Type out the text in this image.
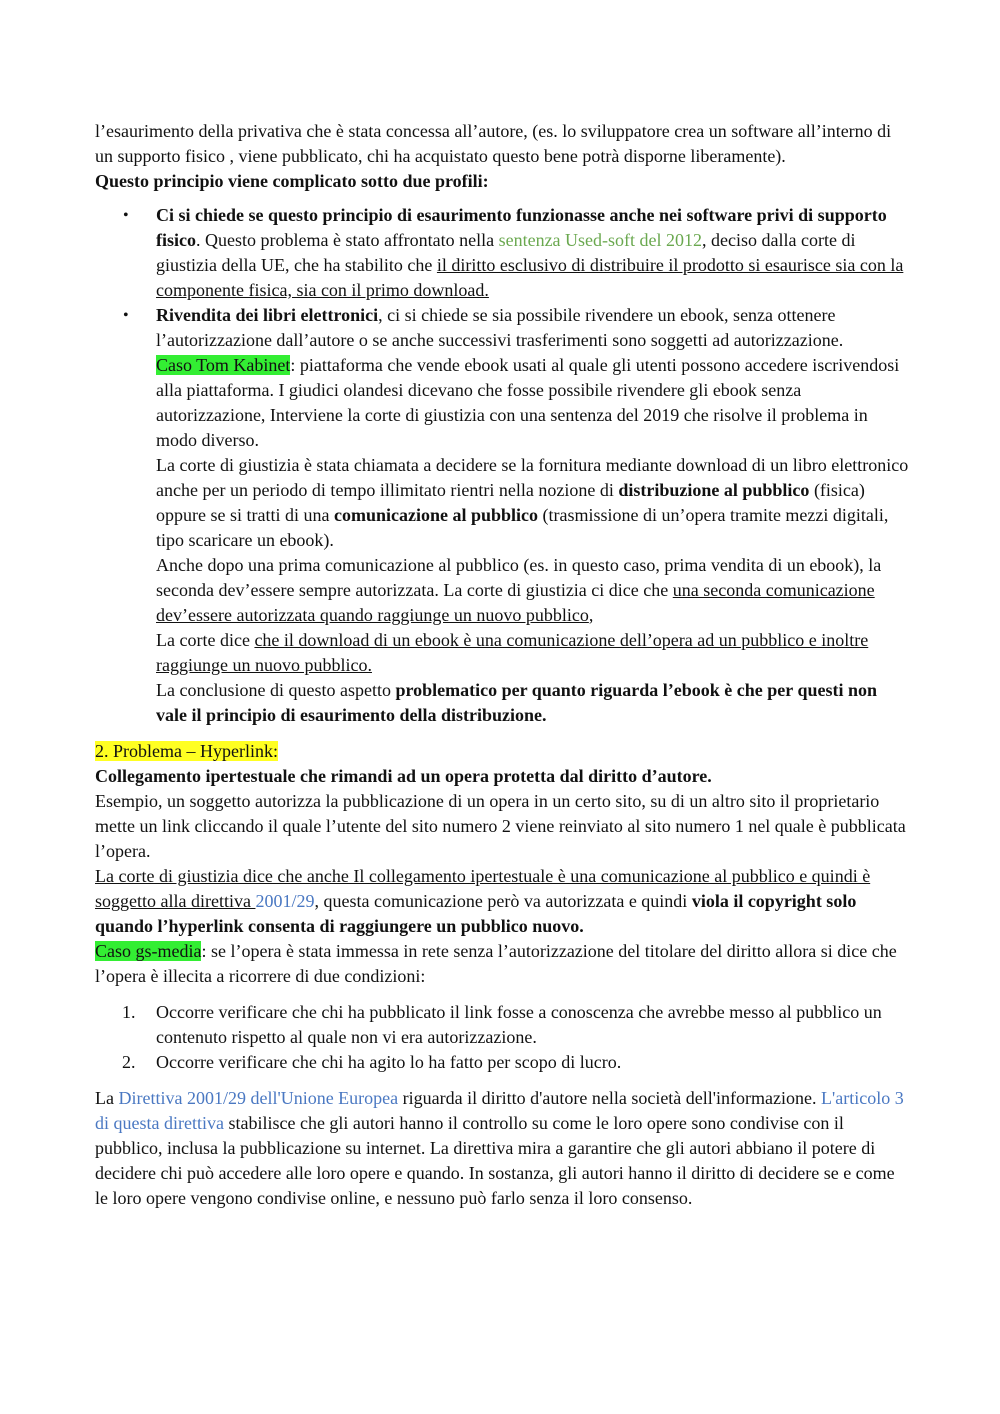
l’esaurimento della privativa che è stata concessa all’autore, (es. lo sviluppatore crea un software all’interno di un supporto fisico , viene pubblicato, chi ha acquistato questo bene potrà disporne liberamente).

Questo principio viene complicato sotto due profili:

• Ci si chiede se questo principio di esaurimento funzionasse anche nei software privi di supporto fisico. Questo problema è stato affrontato nella sentenza Used-soft del 2012, deciso dalla corte di giustizia della UE, che ha stabilito che il diritto esclusivo di distribuire il prodotto si esaurisce sia con la componente fisica, sia con il primo download.
• Rivendita dei libri elettronici, ci si chiede se sia possibile rivendere un ebook, senza ottenere l’autorizzazione dall’autore o se anche successivi trasferimenti sono soggetti ad autorizzazione.

Caso Tom Kabinet: piattaforma che vende ebook usati al quale gli utenti possono accedere iscrivendosi alla piattaforma. I giudici olandesi dicevano che fosse possibile rivendere gli ebook senza autorizzazione, Interviene la corte di giustizia con una sentenza del 2019 che risolve il problema in modo diverso.

La corte di giustizia è stata chiamata a decidere se la fornitura mediante download di un libro elettronico anche per un periodo di tempo illimitato rientri nella nozione di distribuzione al pubblico (fisica) oppure se si tratti di una comunicazione al pubblico (trasmissione di un’opera tramite mezzi digitali, tipo scaricare un ebook).

Anche dopo una prima comunicazione al pubblico (es. in questo caso, prima vendita di un ebook), la seconda dev’essere sempre autorizzata. La corte di giustizia ci dice che una seconda comunicazione dev’essere autorizzata quando raggiunge un nuovo pubblico,

La corte dice che il download di un ebook è una comunicazione dell’opera ad un pubblico e inoltre raggiunge un nuovo pubblico.

La conclusione di questo aspetto problematico per quanto riguarda l’ebook è che per questi non vale il principio di esaurimento della distribuzione.

2. Problema – Hyperlink:

Collegamento ipertestuale che rimandi ad un opera protetta dal diritto d’autore.

Esempio, un soggetto autorizza la pubblicazione di un opera in un certo sito, su di un altro sito il proprietario mette un link cliccando il quale l’utente del sito numero 2 viene reinviato al sito numero 1 nel quale è pubblicata l’opera.

La corte di giustizia dice che anche Il collegamento ipertestuale è una comunicazione al pubblico e quindi è soggetto alla direttiva 2001/29, questa comunicazione però va autorizzata e quindi viola il copyright solo quando l’hyperlink consenta di raggiungere un pubblico nuovo.

Caso gs-media: se l’opera è stata immessa in rete senza l’autorizzazione del titolare del diritto allora si dice che l’opera è illecita a ricorrere di due condizioni:

1. Occorre verificare che chi ha pubblicato il link fosse a conoscenza che avrebbe messo al pubblico un contenuto rispetto al quale non vi era autorizzazione.
2. Occorre verificare che chi ha agito lo ha fatto per scopo di lucro.

La Direttiva 2001/29 dell'Unione Europea riguarda il diritto d'autore nella società dell'informazione. L'articolo 3 di questa direttiva stabilisce che gli autori hanno il controllo su come le loro opere sono condivise con il pubblico, inclusa la pubblicazione su internet. La direttiva mira a garantire che gli autori abbiano il potere di decidere chi può accedere alle loro opere e quando. In sostanza, gli autori hanno il diritto di decidere se e come le loro opere vengono condivise online, e nessuno può farlo senza il loro consenso.
